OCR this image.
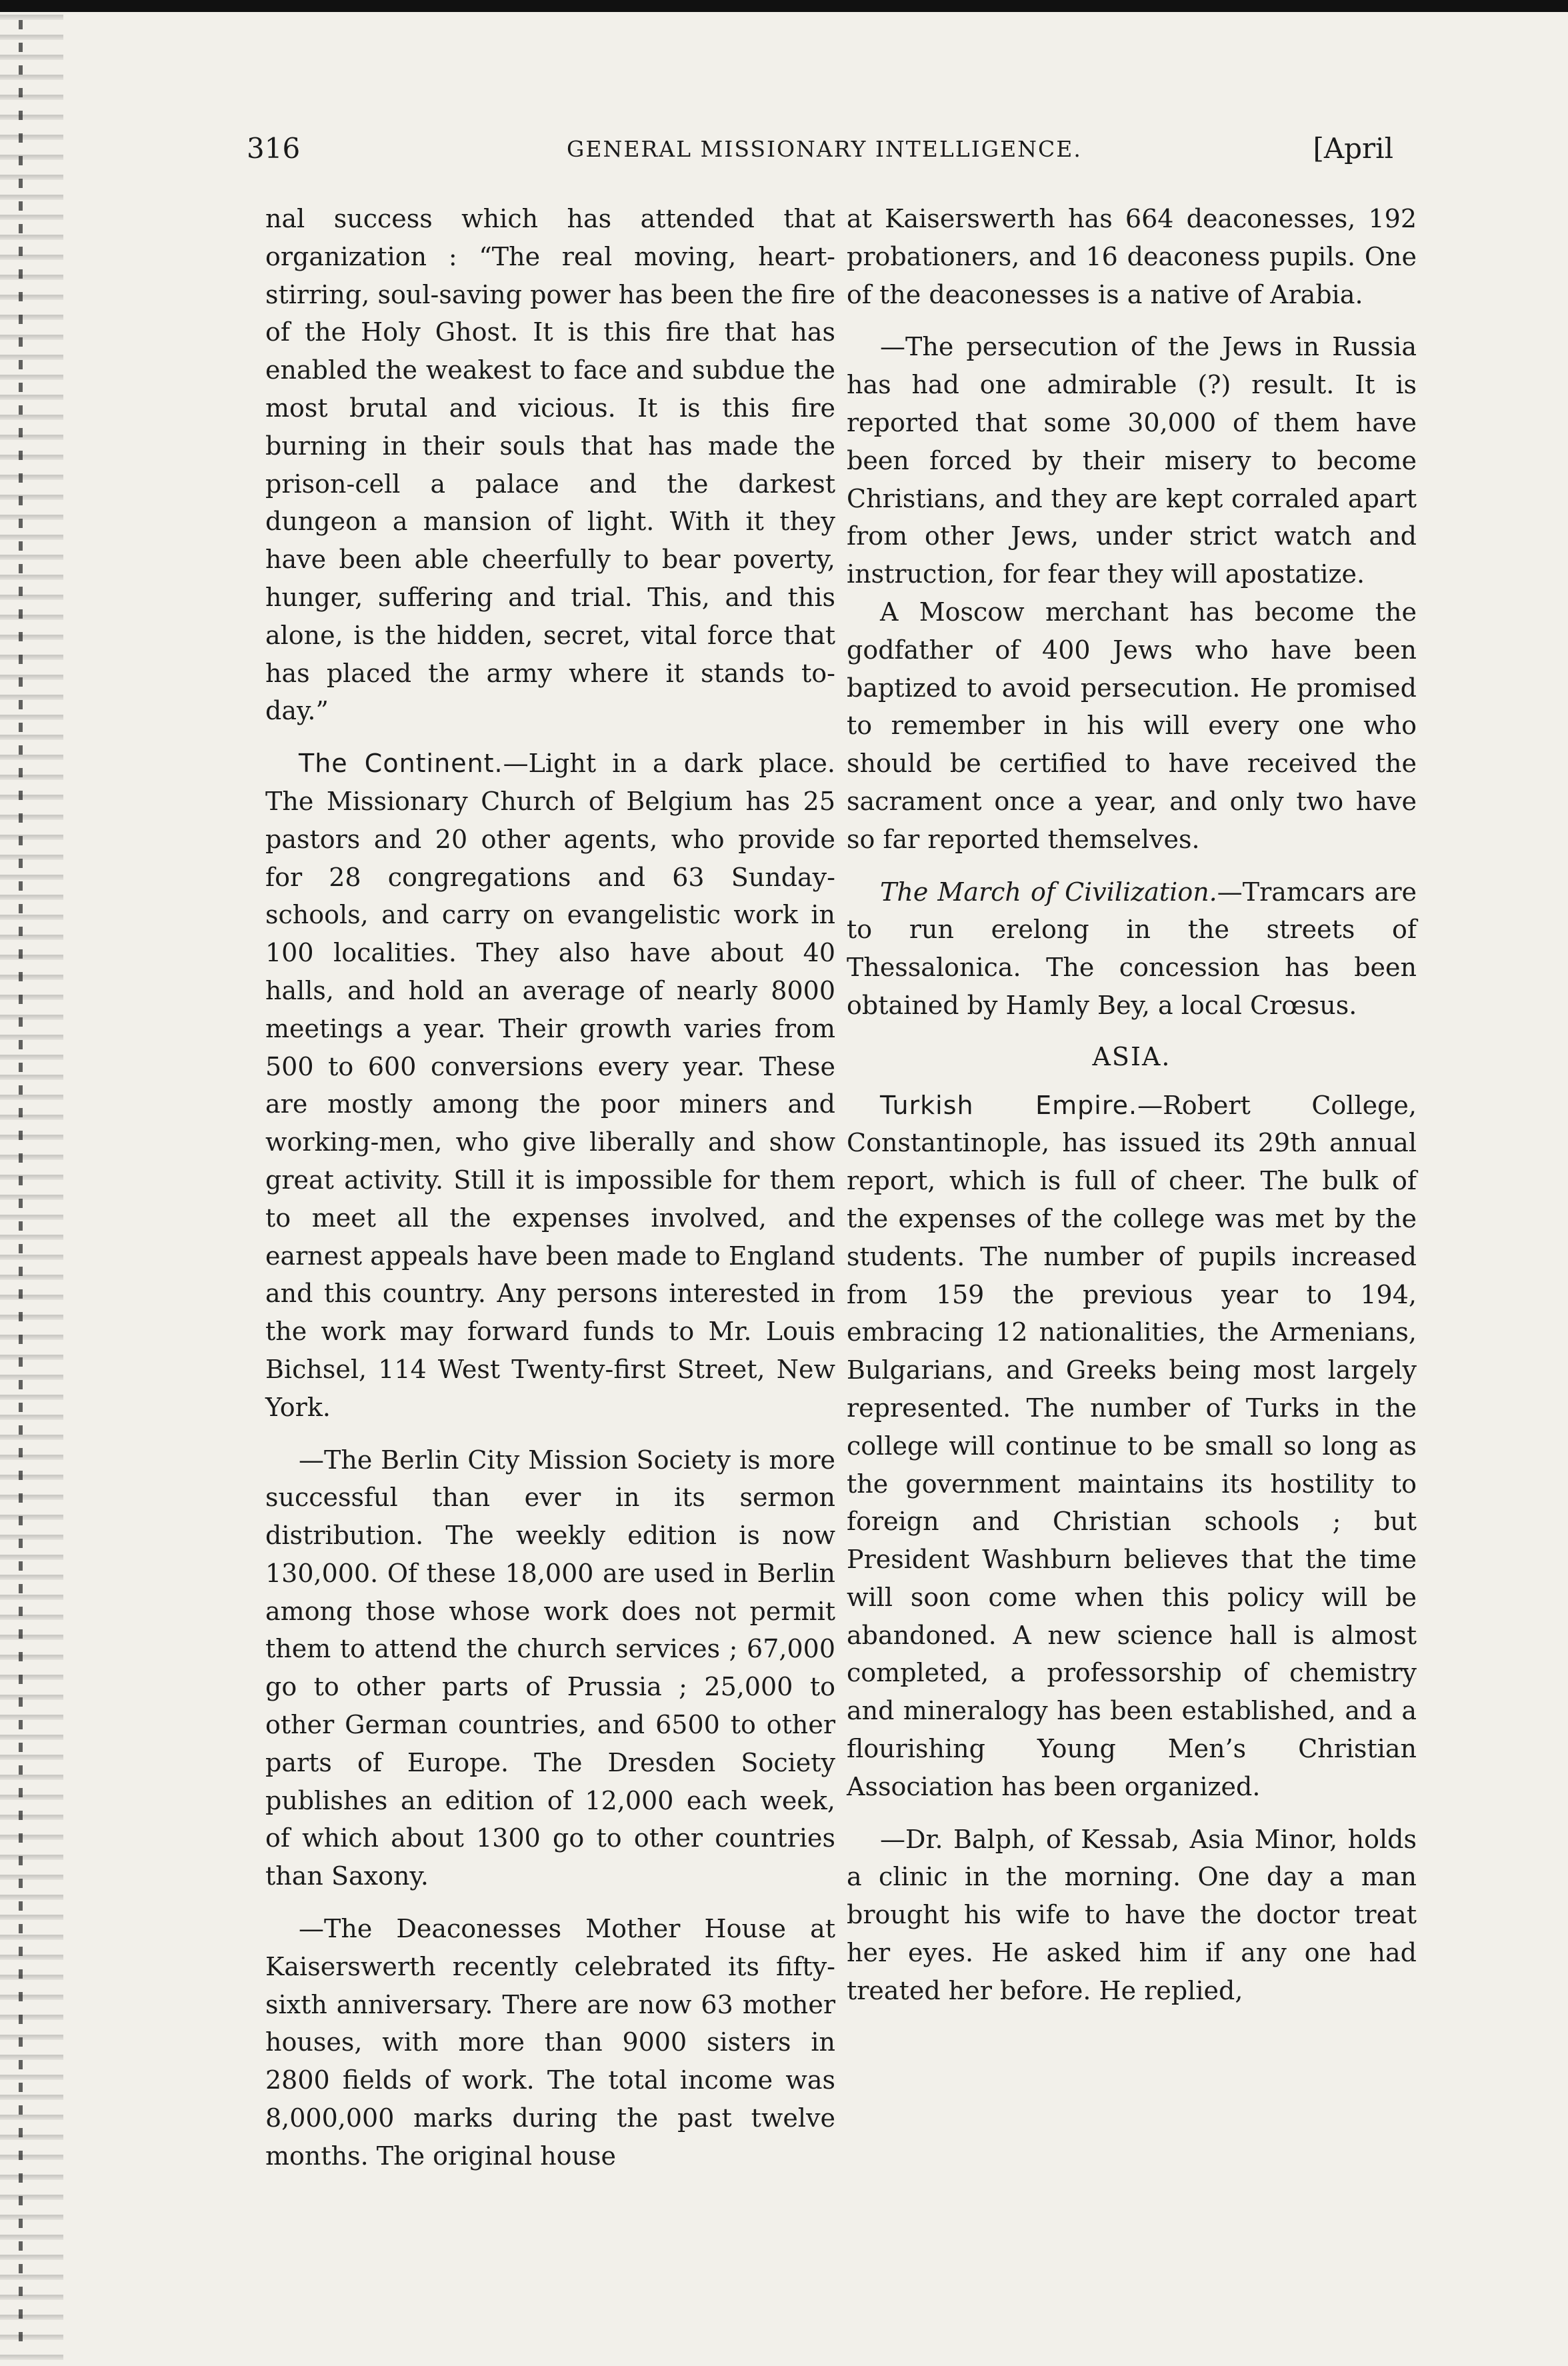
316	GENERAL MISSIONARY INTELLIGENCE.	[April

nal success which has attended that organization : “The real moving, heart-stirring, soul-saving power has been the fire of the Holy Ghost. It is this fire that has enabled the weakest to face and subdue the most brutal and vicious. It is this fire burning in their souls that has made the prison-cell a palace and the darkest dungeon a mansion of light. With it they have been able cheerfully to bear poverty, hunger, suffering and trial. This, and this alone, is the hidden, secret, vital force that has placed the army where it stands to-day.”

The Continent.—Light in a dark place. The Missionary Church of Belgium has 25 pastors and 20 other agents, who provide for 28 congregations and 63 Sunday-schools, and carry on evangelistic work in 100 localities. They also have about 40 halls, and hold an average of nearly 8000 meetings a year. Their growth varies from 500 to 600 conversions every year. These are mostly among the poor miners and working-men, who give liberally and show great activity. Still it is impossible for them to meet all the expenses involved, and earnest appeals have been made to England and this country. Any persons interested in the work may forward funds to Mr. Louis Bichsel, 114 West Twenty-first Street, New York.

—The Berlin City Mission Society is more successful than ever in its sermon distribution. The weekly edition is now 130,000. Of these 18,000 are used in Berlin among those whose work does not permit them to attend the church services ; 67,000 go to other parts of Prussia ; 25,000 to other German countries, and 6500 to other parts of Europe. The Dresden Society publishes an edition of 12,000 each week, of which about 1300 go to other countries than Saxony.

—The Deaconesses Mother House at Kaiserswerth recently celebrated its fifty-sixth anniversary. There are now 63 mother houses, with more than 9000 sisters in 2800 fields of work. The total income was 8,000,000 marks during the past twelve months. The original house

at Kaiserswerth has 664 deaconesses, 192 probationers, and 16 deaconess pupils. One of the deaconesses is a native of Arabia.

—The persecution of the Jews in Russia has had one admirable (?) result. It is reported that some 30,000 of them have been forced by their misery to become Christians, and they are kept corraled apart from other Jews, under strict watch and instruction, for fear they will apostatize.

A Moscow merchant has become the godfather of 400 Jews who have been baptized to avoid persecution. He promised to remember in his will every one who should be certified to have received the sacrament once a year, and only two have so far reported themselves.

The March of Civilization.—Tramcars are to run erelong in the streets of Thessalonica. The concession has been obtained by Hamly Bey, a local Crœsus.

ASIA.

Turkish Empire.—Robert College, Constantinople, has issued its 29th annual report, which is full of cheer. The bulk of the expenses of the college was met by the students. The number of pupils increased from 159 the previous year to 194, embracing 12 nationalities, the Armenians, Bulgarians, and Greeks being most largely represented. The number of Turks in the college will continue to be small so long as the government maintains its hostility to foreign and Christian schools ; but President Washburn believes that the time will soon come when this policy will be abandoned. A new science hall is almost completed, a professorship of chemistry and mineralogy has been established, and a flourishing Young Men’s Christian Association has been organized.

—Dr. Balph, of Kessab, Asia Minor, holds a clinic in the morning. One day a man brought his wife to have the doctor treat her eyes. He asked him if any one had treated her before. He replied,
